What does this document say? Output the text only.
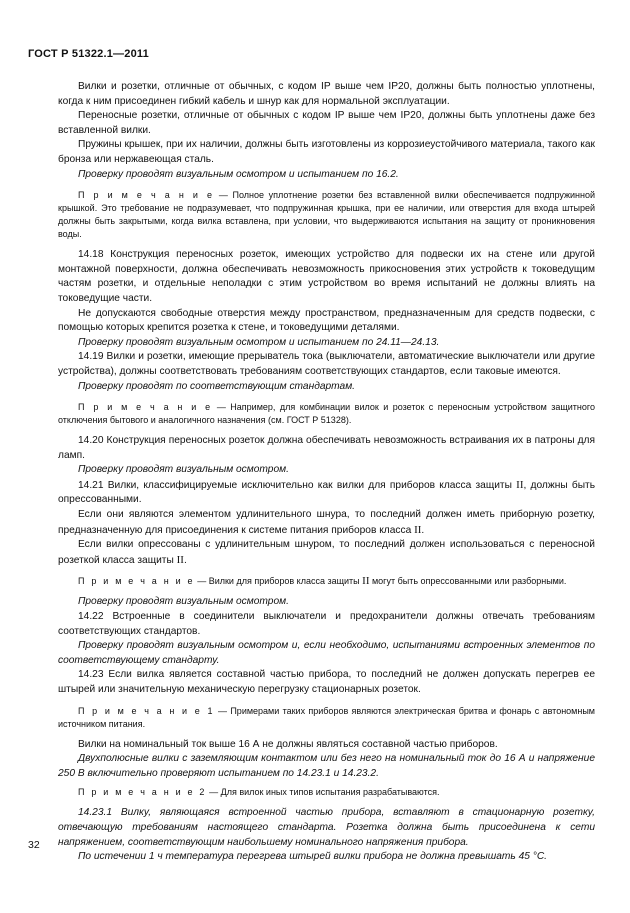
ГОСТ Р 51322.1—2011

Вилки и розетки, отличные от обычных, с кодом IP выше чем IP20, должны быть полностью уплотнены, когда к ним присоединен гибкий кабель и шнур как для нормальной эксплуатации.

Переносные розетки, отличные от обычных с кодом IP выше чем IP20, должны быть уплотнены даже без вставленной вилки.

Пружины крышек, при их наличии, должны быть изготовлены из коррозиеустойчивого материала, такого как бронза или нержавеющая сталь.

Проверку проводят визуальным осмотром и испытанием по 16.2.

П р и м е ч а н и е — Полное уплотнение розетки без вставленной вилки обеспечивается подпружинной крышкой. Это требование не подразумевает, что подпружинная крышка, при ее наличии, или отверстия для входа штырей должны быть закрытыми, когда вилка вставлена, при условии, что выдерживаются испытания на защиту от проникновения воды.

14.18 Конструкция переносных розеток, имеющих устройство для подвески их на стене или другой монтажной поверхности, должна обеспечивать невозможность прикосновения этих устройств к токоведущим частям розетки, и отдельные неполадки с этим устройством во время испытаний не должны влиять на токоведущие части.

Не допускаются свободные отверстия между пространством, предназначенным для средств подвески, с помощью которых крепится розетка к стене, и токоведущими деталями.

Проверку проводят визуальным осмотром и испытанием по 24.11—24.13.

14.19 Вилки и розетки, имеющие прерыватель тока (выключатели, автоматические выключатели или другие устройства), должны соответствовать требованиям соответствующих стандартов, если таковые имеются.

Проверку проводят по соответствующим стандартам.

П р и м е ч а н и е — Например, для комбинации вилок и розеток с переносным устройством защитного отключения бытового и аналогичного назначения (см. ГОСТ Р 51328).

14.20 Конструкция переносных розеток должна обеспечивать невозможность встраивания их в патроны для ламп.

Проверку проводят визуальным осмотром.

14.21 Вилки, классифицируемые исключительно как вилки для приборов класса защиты II, должны быть опрессованными.

Если они являются элементом удлинительного шнура, то последний должен иметь приборную розетку, предназначенную для присоединения к системе питания приборов класса II.

Если вилки опрессованы с удлинительным шнуром, то последний должен использоваться с переносной розеткой класса защиты II.

П р и м е ч а н и е — Вилки для приборов класса защиты II могут быть опрессованными или разборными.

Проверку проводят визуальным осмотром.

14.22 Встроенные в соединители выключатели и предохранители должны отвечать требованиям соответствующих стандартов.

Проверку проводят визуальным осмотром и, если необходимо, испытаниями встроенных элементов по соответствующему стандарту.

14.23 Если вилка является составной частью прибора, то последний не должен допускать перегрев ее штырей или значительную механическую перегрузку стационарных розеток.

П р и м е ч а н и е 1 — Примерами таких приборов являются электрическая бритва и фонарь с автономным источником питания.

Вилки на номинальный ток выше 16 А не должны являться составной частью приборов.

Двухполюсные вилки с заземляющим контактом или без него на номинальный ток до 16 А и напряжение 250 В включительно проверяют испытанием по 14.23.1 и 14.23.2.

П р и м е ч а н и е 2 — Для вилок иных типов испытания разрабатываются.

14.23.1 Вилку, являющаяся встроенной частью прибора, вставляют в стационарную розетку, отвечающую требованиям настоящего стандарта. Розетка должна быть присоединена к сети напряжением, соответствующим наибольшему номинального напряжения прибора.

По истечении 1 ч температура перегрева штырей вилки прибора не должна превышать 45 °С.

32
